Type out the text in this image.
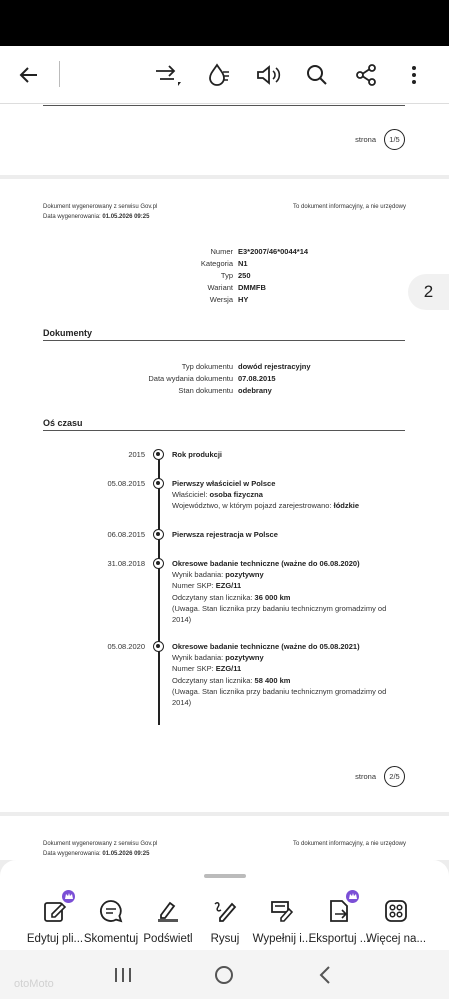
strona	1/5
Dokument wygenerowany z serwisu Gov.pl
Data wygenerowania: 01.05.2026 09:25
To dokument informacyjny, a nie urzędowy
Numer E3*2007/46*0044*14
Kategoria N1
Typ 250
Wariant DMMFB
Wersja HY
Dokumenty
Typ dokumentu dowód rejestracyjny
Data wydania dokumentu 07.08.2015
Stan dokumentu odebrany
Oś czasu
2015	Rok produkcji
05.08.2015	Pierwszy właściciel w Polsce
Właściciel: osoba fizyczna
Województwo, w którym pojazd zarejestrowano: łódzkie
06.08.2015	Pierwsza rejestracja w Polsce
31.08.2018	Okresowe badanie techniczne (ważne do 06.08.2020)
Wynik badania: pozytywny
Numer SKP: EZG/11
Odczytany stan licznika: 36 000 km
(Uwaga. Stan licznika przy badaniu technicznym gromadzimy od 2014)
05.08.2020	Okresowe badanie techniczne (ważne do 05.08.2021)
Wynik badania: pozytywny
Numer SKP: EZG/11
Odczytany stan licznika: 58 400 km
(Uwaga. Stan licznika przy badaniu technicznym gromadzimy od 2014)
strona	2/5
Dokument wygenerowany z serwisu Gov.pl
Data wygenerowania: 01.05.2026 09:25
To dokument informacyjny, a nie urzędowy
2
Edytuj pli... Skomentuj Podświetl	Rysuj	Wypełnij i...
Eksportuj ...
Więcej na...
otoMoto
